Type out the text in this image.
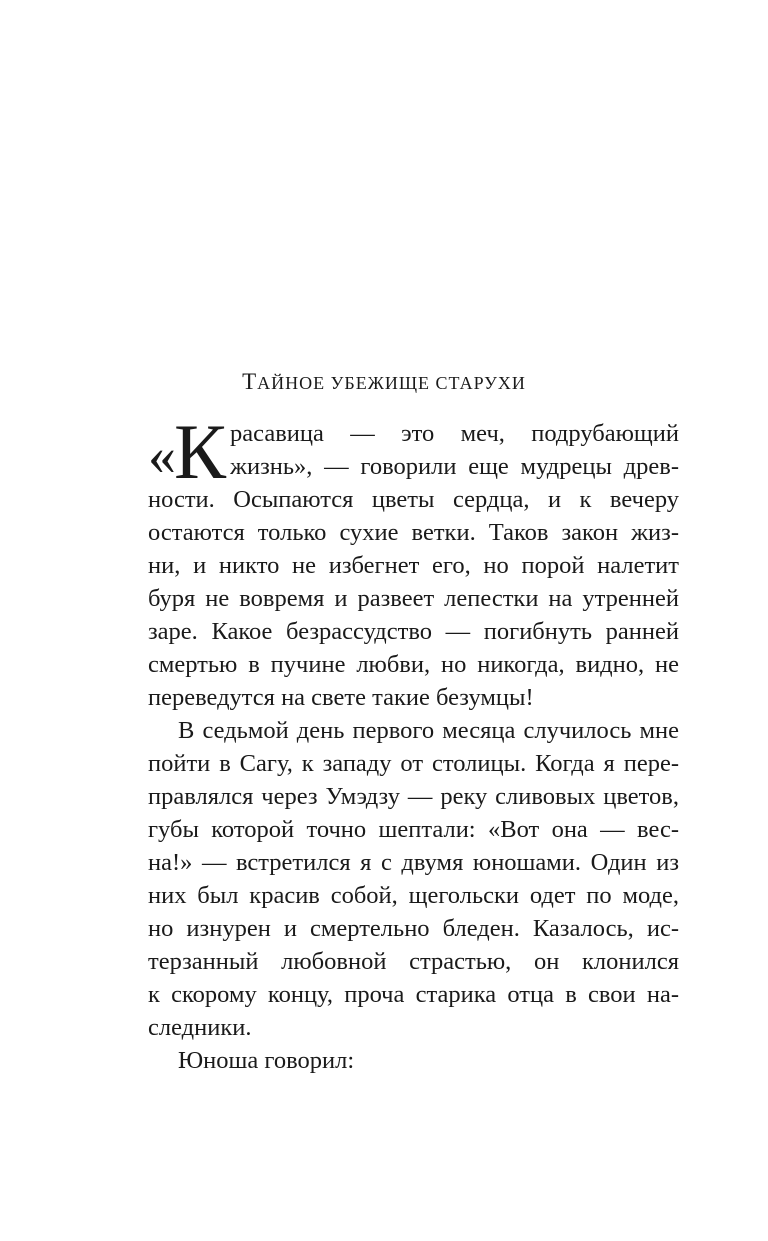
ТАЙНОЕ УБЕЖИЩЕ СТАРУХИ
«К расавица — это меч, подрубающий
жизнь», — говорили еще мудрецы древ-
ности. Осыпаются цветы сердца, и к вечеру
остаются только сухие ветки. Таков закон жиз-
ни, и никто не избегнет его, но порой налетит
буря не вовремя и развеет лепестки на утренней
заре. Какое безрассудство — погибнуть ранней
смертью в пучине любви, но никогда, видно, не
переведутся на свете такие безумцы!
В седьмой день первого месяца случилось мне
пойти в Сагу, к западу от столицы. Когда я пере-
правлялся через Умэдзу — реку сливовых цветов,
губы которой точно шептали: «Вот она — вес-
на!» — встретился я с двумя юношами. Один из
них был красив собой, щегольски одет по моде,
но изнурен и смертельно бледен. Казалось, ис-
терзанный любовной страстью, он клонился
к скорому концу, проча старика отца в свои на-
следники.
Юноша говорил:
